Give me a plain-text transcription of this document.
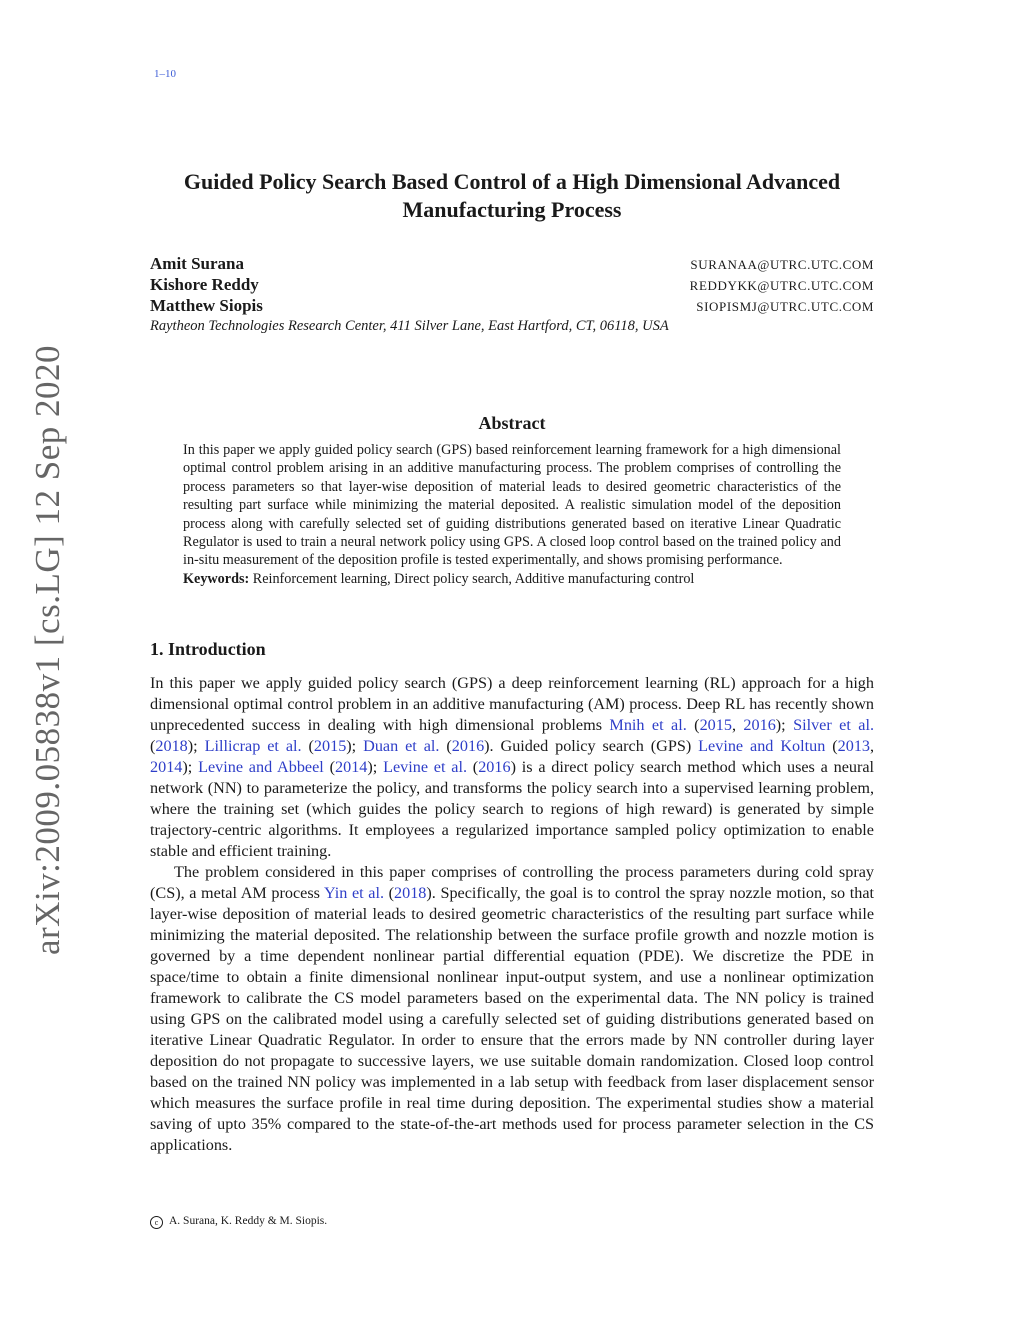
1–10
arXiv:2009.05838v1 [cs.LG] 12 Sep 2020
Guided Policy Search Based Control of a High Dimensional Advanced
Manufacturing Process
Amit Surana	SURANAA@UTRC.UTC.COM
Kishore Reddy	REDDYKK@UTRC.UTC.COM
Matthew Siopis	SIOPISMJ@UTRC.UTC.COM
Raytheon Technologies Research Center, 411 Silver Lane, East Hartford, CT, 06118, USA
Abstract

In this paper we apply guided policy search (GPS) based reinforcement learning framework for a high dimensional optimal control problem arising in an additive manufacturing process. The problem comprises of controlling the process parameters so that layer-wise deposition of material leads to desired geometric characteristics of the resulting part surface while minimizing the material deposited. A realistic simulation model of the deposition process along with carefully selected set of guiding distributions generated based on iterative Linear Quadratic Regulator is used to train a neural network policy using GPS. A closed loop control based on the trained policy and in-situ measurement of the deposition profile is tested experimentally, and shows promising performance.

Keywords: Reinforcement learning, Direct policy search, Additive manufacturing control

1. Introduction

In this paper we apply guided policy search (GPS) a deep reinforcement learning (RL) approach for a high dimensional optimal control problem in an additive manufacturing (AM) process. Deep RL has recently shown unprecedented success in dealing with high dimensional problems Mnih et al. (2015, 2016); Silver et al. (2018); Lillicrap et al. (2015); Duan et al. (2016). Guided policy search (GPS) Levine and Koltun (2013, 2014); Levine and Abbeel (2014); Levine et al. (2016) is a direct policy search method which uses a neural network (NN) to parameterize the policy, and transforms the policy search into a supervised learning problem, where the training set (which guides the policy search to regions of high reward) is generated by simple trajectory-centric algorithms. It employees a regularized importance sampled policy optimization to enable stable and efficient training.

The problem considered in this paper comprises of controlling the process parameters during cold spray (CS), a metal AM process Yin et al. (2018). Specifically, the goal is to control the spray nozzle motion, so that layer-wise deposition of material leads to desired geometric characteristics of the resulting part surface while minimizing the material deposited. The relationship between the surface profile growth and nozzle motion is governed by a time dependent nonlinear partial differential equation (PDE). We discretize the PDE in space/time to obtain a finite dimensional nonlinear input-output system, and use a nonlinear optimization framework to calibrate the CS model parameters based on the experimental data. The NN policy is trained using GPS on the calibrated model using a carefully selected set of guiding distributions generated based on iterative Linear Quadratic Regulator. In order to ensure that the errors made by NN controller during layer deposition do not propagate to successive layers, we use suitable domain randomization. Closed loop control based on the trained NN policy was implemented in a lab setup with feedback from laser displacement sensor which measures the surface profile in real time during deposition. The experimental studies show a material saving of upto 35% compared to the state-of-the-art methods used for process parameter selection in the CS applications.

c A. Surana, K. Reddy & M. Siopis.
